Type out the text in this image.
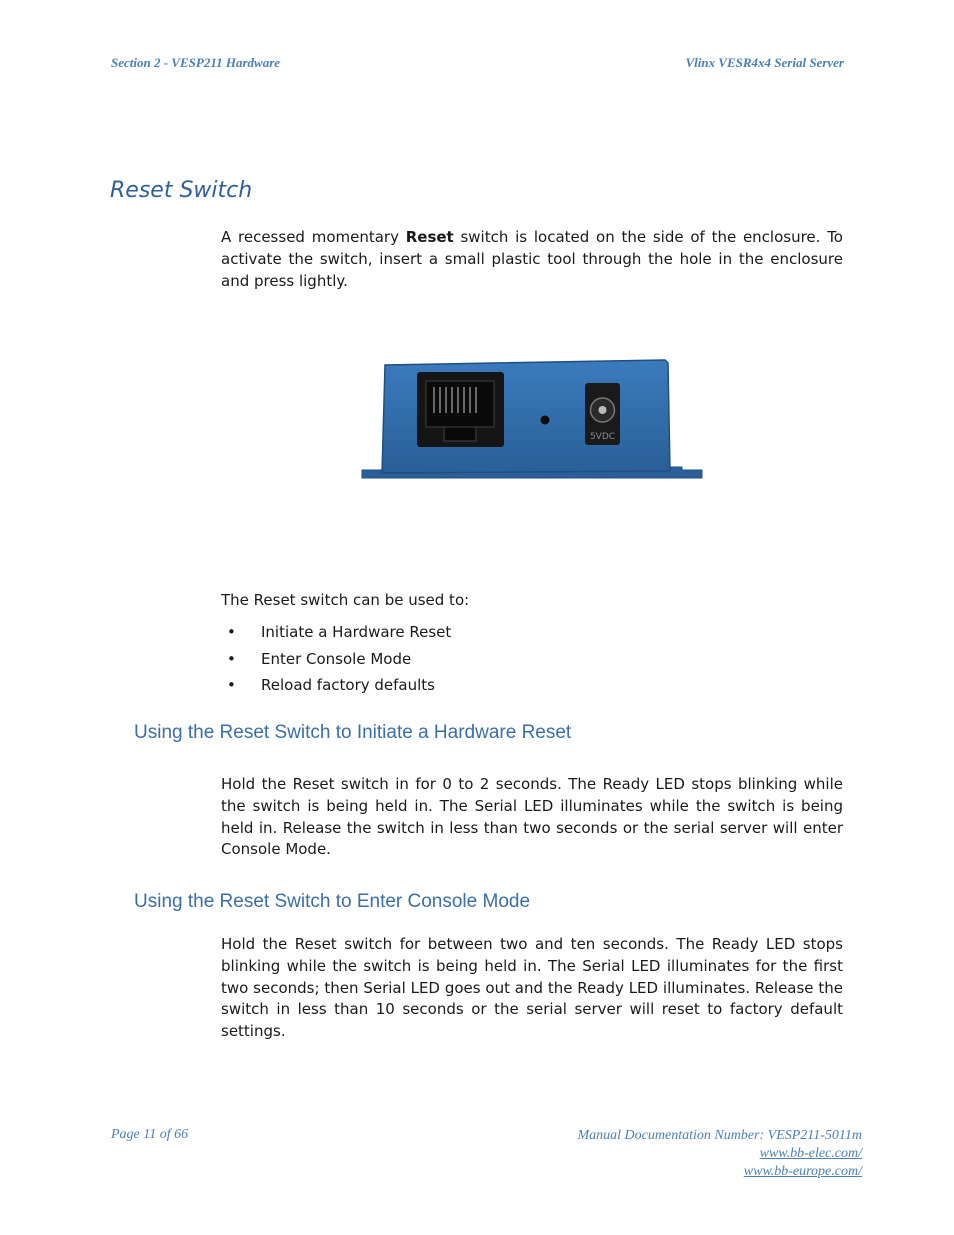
Section 2 - VESP211 Hardware	Vlinx VESR4x4 Serial Server
Reset Switch
A recessed momentary Reset switch is located on the side of the enclosure. To activate the switch, insert a small plastic tool through the hole in the enclosure and press lightly.
5VDC
The Reset switch can be used to:
• Initiate a Hardware Reset
• Enter Console Mode
• Reload factory defaults
Using the Reset Switch to Initiate a Hardware Reset
Hold the Reset switch in for 0 to 2 seconds. The Ready LED stops blinking while the switch is being held in. The Serial LED illuminates while the switch is being held in. Release the switch in less than two seconds or the serial server will enter Console Mode.
Using the Reset Switch to Enter Console Mode
Hold the Reset switch for between two and ten seconds. The Ready LED stops blinking while the switch is being held in. The Serial LED illuminates for the first two seconds; then Serial LED goes out and the Ready LED illuminates. Release the switch in less than 10 seconds or the serial server will reset to factory default settings.
Page 11 of 66	Manual Documentation Number: VESP211-5011m
www.bb-elec.com/
www.bb-europe.com/
